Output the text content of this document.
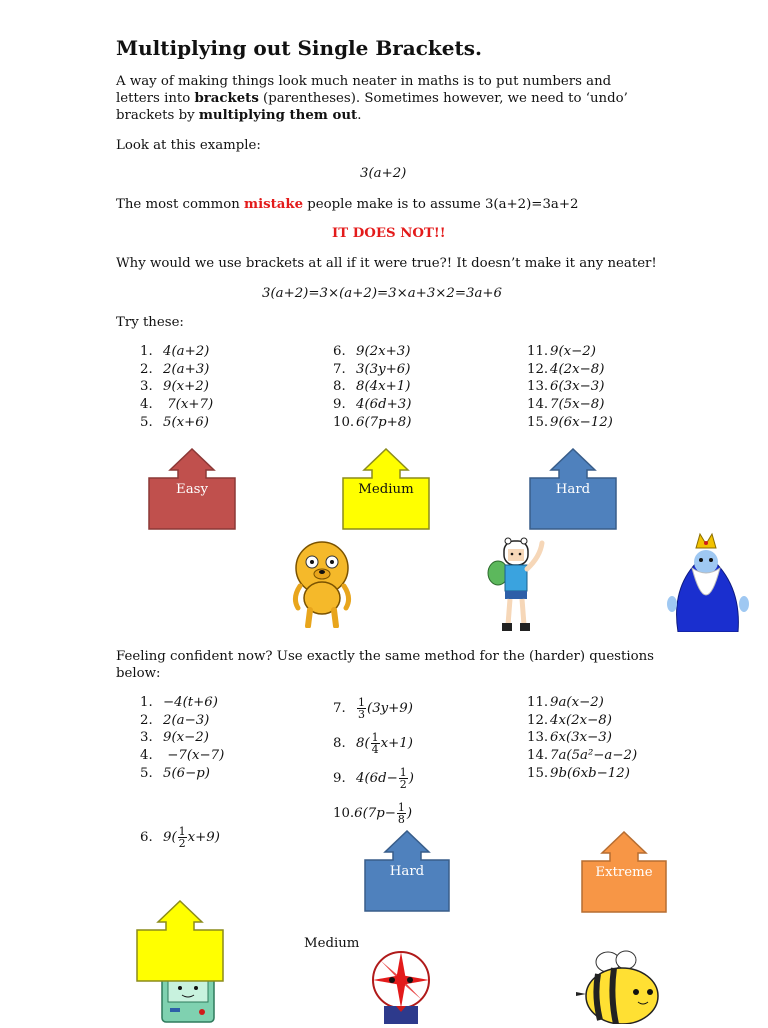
Multiplying out Single Brackets.
A way of making things look much neater in maths is to put numbers and letters into brackets (parentheses). Sometimes however, we need to ‘undo’ brackets by multiplying them out.
Look at this example:
3(a+2)
The most common mistake people make is to assume 3(a+2)=3a+2
IT DOES NOT!!
Why would we use brackets at all if it were true?! It doesn’t make it any neater!
3(a+2)=3×(a+2)=3×a+3×2=3a+6
Try these:
1. 4(a+2)
2. 2(a+3)
3. 9(x+2)
4. 7(x+7)
5. 5(x+6)
6. 9(2x+3)
7. 3(3y+6)
8. 8(4x+1)
9. 4(6d+3)
10. 6(7p+8)
11. 9(x−2)
12. 4(2x−8)
13. 6(3x−3)
14. 7(5x−8)
15. 9(6x−12)
Easy	Medium	Hard
Feeling confident now? Use exactly the same method for the (harder) questions below:
1. −4(t+6)
2. 2(a−3)
3. 9(x−2)
4. −7(x−7)
5. 5(6−p)
6. $9( \frac{1}{2} x+9)$
7. $\frac{1}{3} (3y+9)$
8. $8( \frac{1}{4} x+1)$
9. $4(6d- \frac{1}{2}$ )
$10.6(7p- \frac{1}{8}$ )
11. 9a(x−2)
12. 4x(2x−8)
13. 6x(3x−3)
14. 7a(5a²−a−2)
15. 9b(6xb−12)
Hard	Extreme
Medium
